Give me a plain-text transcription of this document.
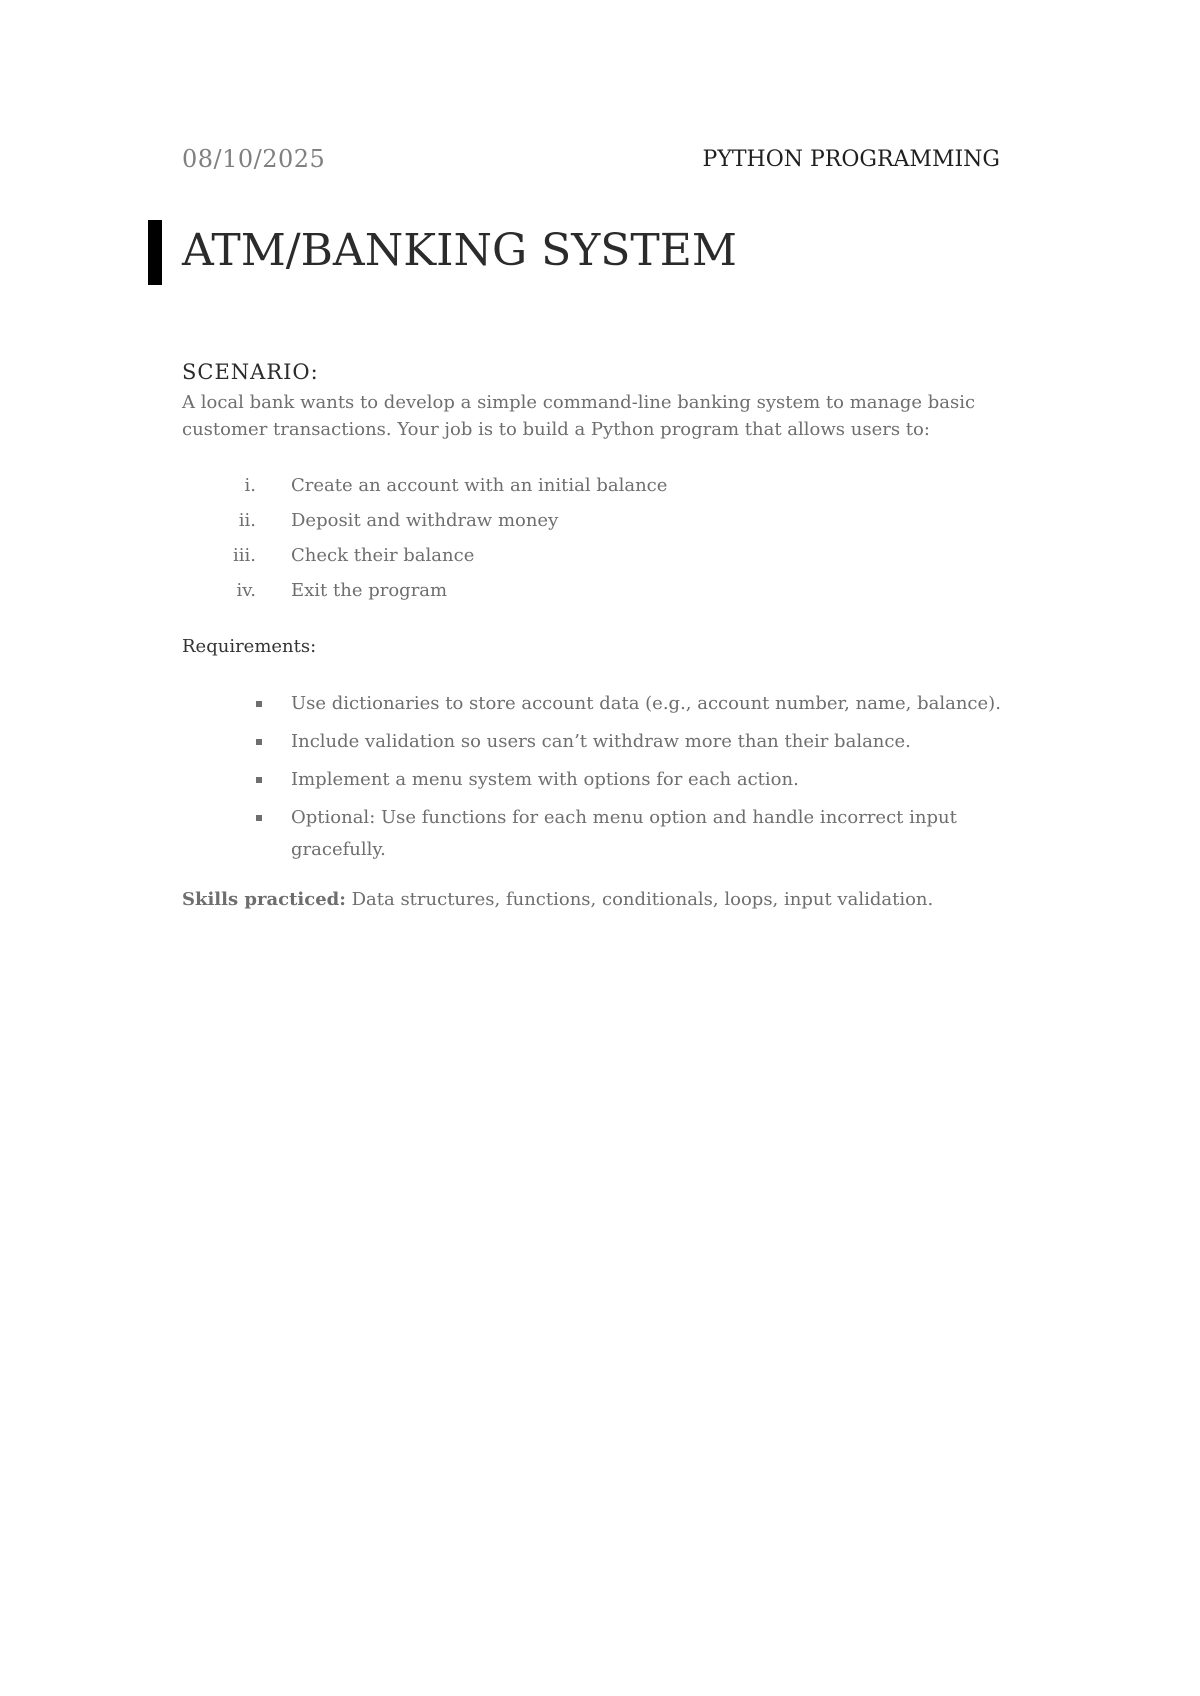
08/10/2025	PYTHON PROGRAMMING
ATM/BANKING SYSTEM
SCENARIO:
A local bank wants to develop a simple command-line banking system to manage basic customer transactions. Your job is to build a Python program that allows users to:
i. Create an account with an initial balance
ii. Deposit and withdraw money
iii. Check their balance
iv. Exit the program
Requirements:
Use dictionaries to store account data (e.g., account number, name, balance).
Include validation so users can’t withdraw more than their balance.
Implement a menu system with options for each action.
Optional: Use functions for each menu option and handle incorrect input gracefully.
Skills practiced: Data structures, functions, conditionals, loops, input validation.
